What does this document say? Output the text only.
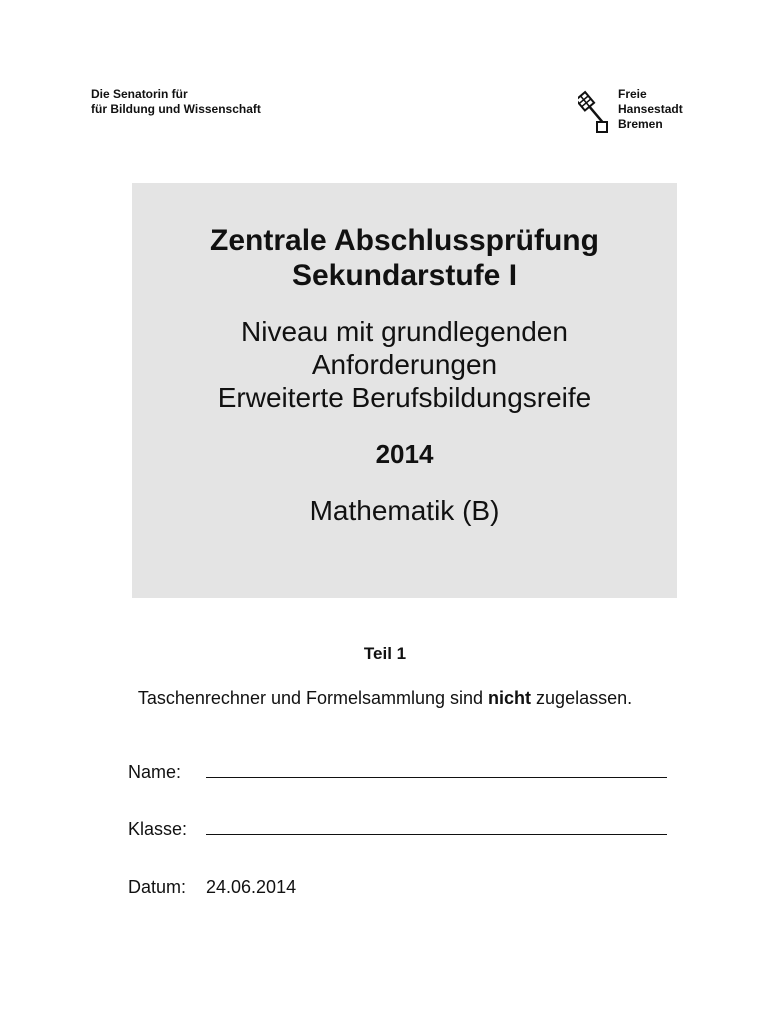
Die Senatorin für
für Bildung und Wissenschaft
Freie
Hansestadt
Bremen
Zentrale Abschlussprüfung
Sekundarstufe I
Niveau mit grundlegenden
Anforderungen
Erweiterte Berufsbildungsreife
2014
Mathematik (B)
Teil 1
Taschenrechner und Formelsammlung sind nicht zugelassen.
Name:
Klasse:
Datum: 24.06.2014
